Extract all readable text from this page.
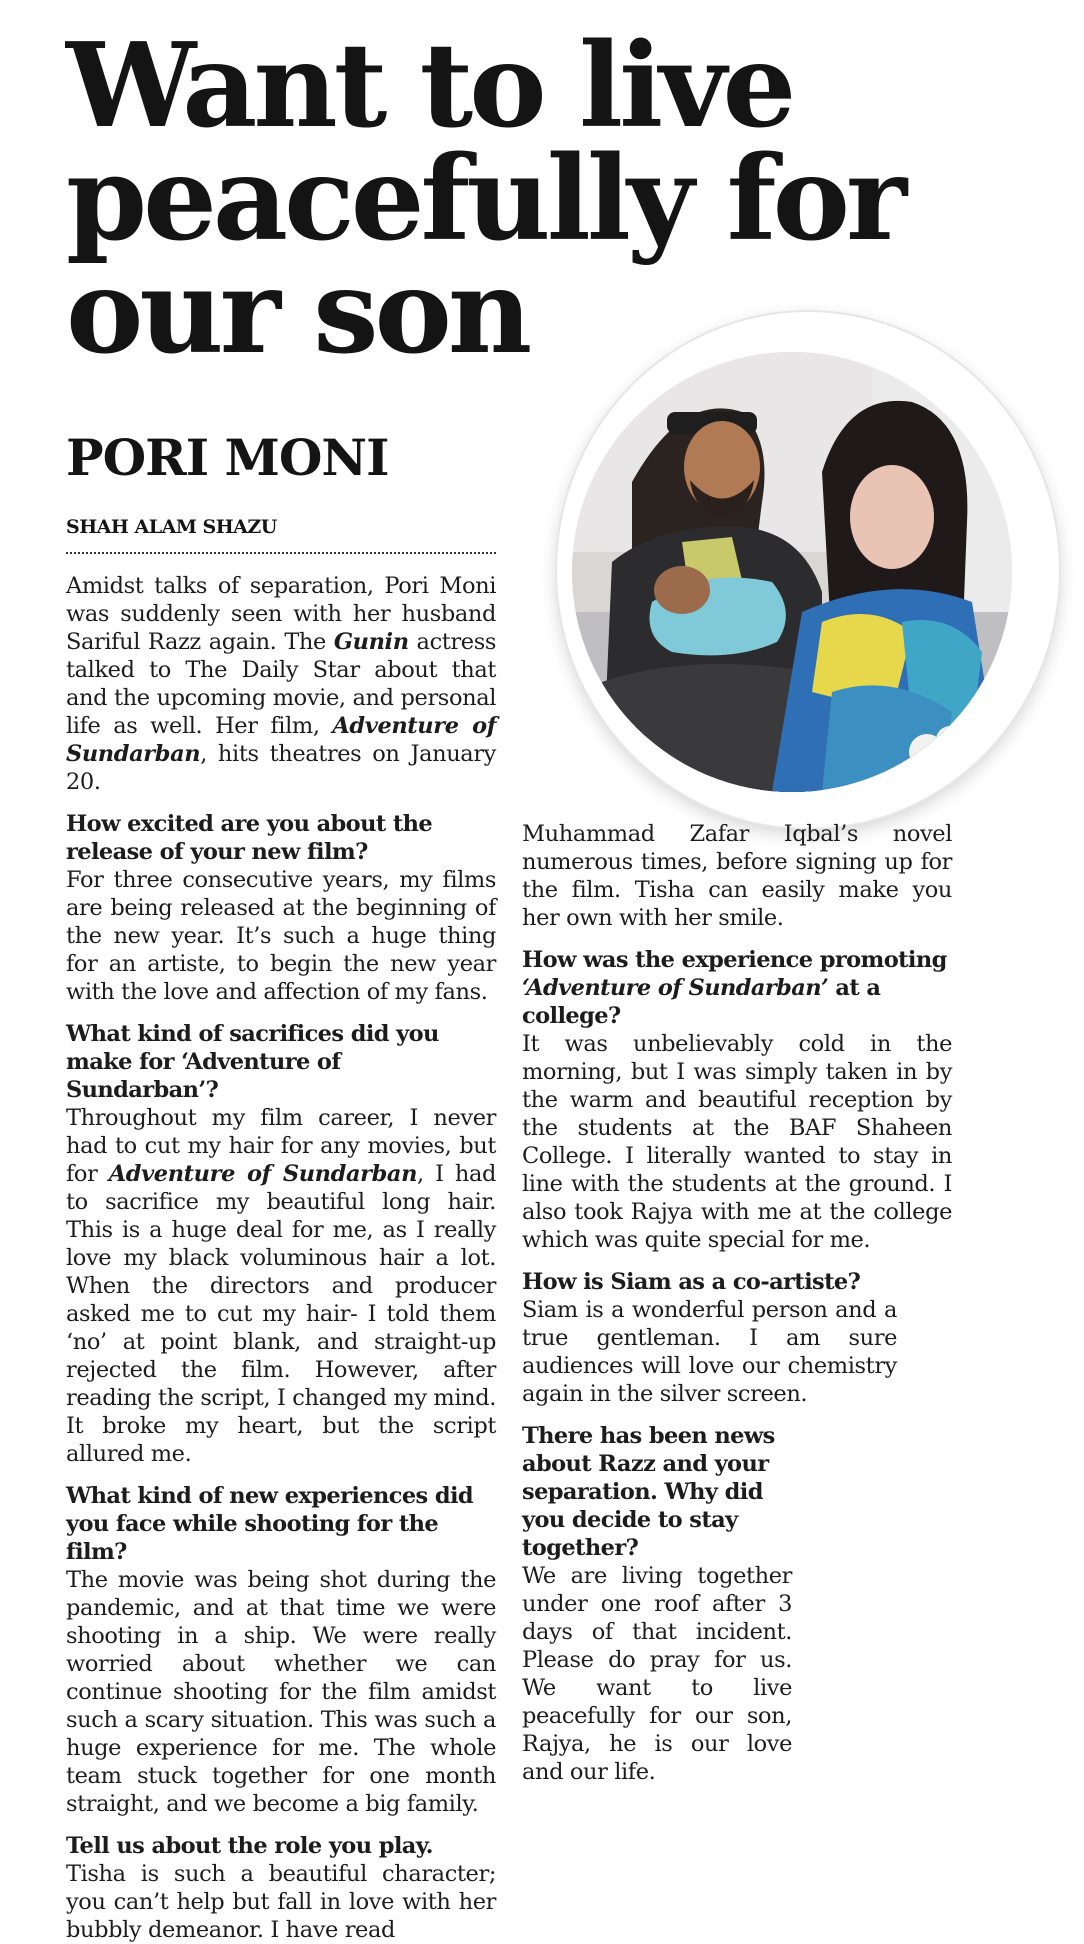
Want to live peacefully for our son
PORI MONI
SHAH ALAM SHAZU

Amidst talks of separation, Pori Moni was suddenly seen with her husband Sariful Razz again. The Gunin actress talked to The Daily Star about that and the upcoming movie, and personal life as well. Her film, Adventure of Sundarban, hits theatres on January 20.

How excited are you about the release of your new film?

For three consecutive years, my films are being released at the beginning of the new year. It’s such a huge thing for an artiste, to begin the new year with the love and affection of my fans.

What kind of sacrifices did you make for ‘Adventure of Sundarban’?

Throughout my film career, I never had to cut my hair for any movies, but for Adventure of Sundarban, I had to sacrifice my beautiful long hair. This is a huge deal for me, as I really love my black voluminous hair a lot. When the directors and producer asked me to cut my hair- I told them ‘no’ at point blank, and straight-up rejected the film. However, after reading the script, I changed my mind. It broke my heart, but the script allured me.

What kind of new experiences did you face while shooting for the film?

The movie was being shot during the pandemic, and at that time we were shooting in a ship. We were really worried about whether we can continue shooting for the film amidst such a scary situation. This was such a huge experience for me. The whole team stuck together for one month straight, and we become a big family.

Tell us about the role you play.

Tisha is such a beautiful character; you can’t help but fall in love with her bubbly demeanor. I have read

Muhammad Zafar Iqbal’s novel numerous times, before signing up for the film. Tisha can easily make you her own with her smile.

How was the experience promoting ‘Adventure of Sundarban’ at a college?

It was unbelievably cold in the morning, but I was simply taken in by the warm and beautiful reception by the students at the BAF Shaheen College. I literally wanted to stay in line with the students at the ground. I also took Rajya with me at the college which was quite special for me.

How is Siam as a co-artiste?

Siam is a wonderful person and a true gentleman. I am sure audiences will love our chemistry again in the silver screen.

There has been news about Razz and your separation. Why did you decide to stay together?

We are living together under one roof after 3 days of that incident. Please do pray for us. We want to live peacefully for our son, Rajya, he is our love and our life.
